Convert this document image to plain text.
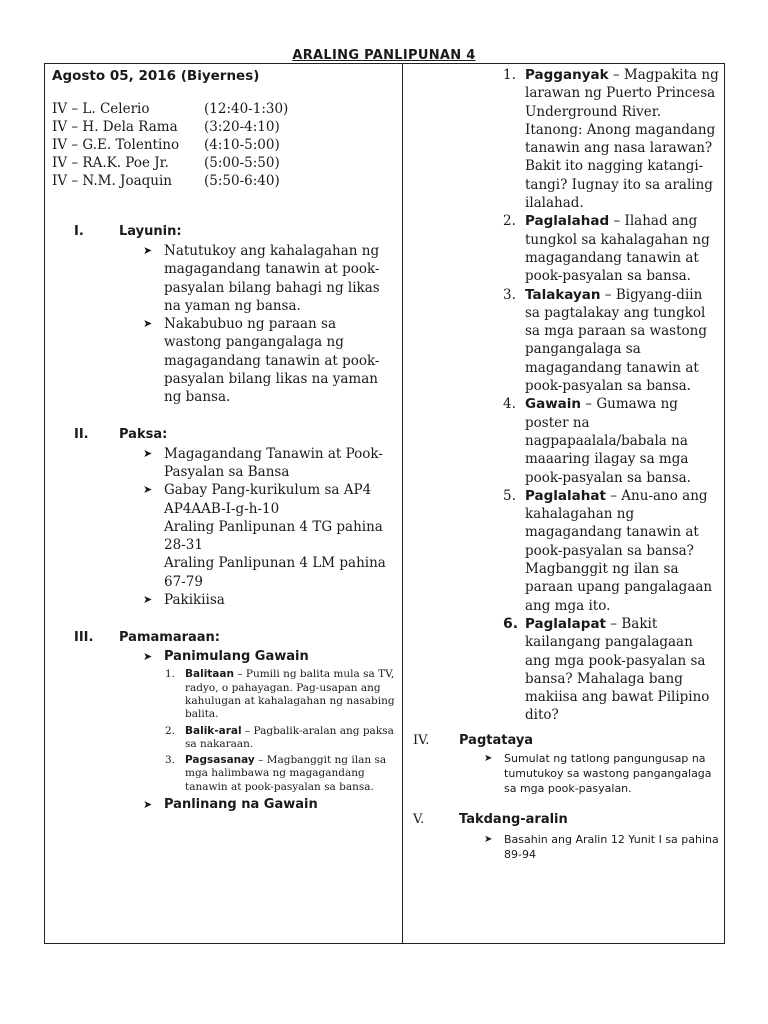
ARALING PANLIPUNAN 4
Agosto 05, 2016 (Biyernes)
IV – L. Celerio	(12:40-1:30)
IV – H. Dela Rama (3:20-4:10)
IV – G.E. Tolentino (4:10-5:00)
IV – RA.K. Poe Jr.	(5:00-5:50)
IV – N.M. Joaquin (5:50-6:40)
I.	Layunin:
➤ Natutukoy ang kahalagahan ng magagandang tanawin at pook-pasyalan bilang bahagi ng likas na yaman ng bansa.
➤ Nakabubuo ng paraan sa wastong pangangalaga ng magagandang tanawin at pook-pasyalan bilang likas na yaman ng bansa.
II. Paksa:
➤ Magagandang Tanawin at Pook-Pasyalan sa Bansa
➤ Gabay Pang-kurikulum sa AP4 AP4AAB-I-g-h-10
Araling Panlipunan 4 TG pahina 28-31
Araling Panlipunan 4 LM pahina 67-79
➤ Pakikiisa
III. Pamamaraan:
➤ Panimulang Gawain
1. Balitaan – Pumili ng balita mula sa TV, radyo, o pahayagan. Pag-usapan ang kahulugan at kahalagahan ng nasabing balita.
2. Balik-aral – Pagbalik-aralan ang paksa sa nakaraan.
3. Pagsasanay – Magbanggit ng ilan sa mga halimbawa ng magagandang tanawin at pook-pasyalan sa bansa.
➤ Panlinang na Gawain
1. Pagganyak – Magpakita ng larawan ng Puerto Princesa Underground River. Itanong: Anong magandang tanawin ang nasa larawan? Bakit ito nagging katangi-tangi? Iugnay ito sa araling ilalahad.
2. Paglalahad – Ilahad ang tungkol sa kahalagahan ng magagandang tanawin at pook-pasyalan sa bansa.
3. Talakayan – Bigyang-diin sa pagtalakay ang tungkol sa mga paraan sa wastong pangangalaga sa magagandang tanawin at pook-pasyalan sa bansa.
4. Gawain – Gumawa ng poster na nagpapaalala/babala na maaaring ilagay sa mga pook-pasyalan sa bansa.
5. Paglalahat – Anu-ano ang kahalagahan ng magagandang tanawin at pook-pasyalan sa bansa? Magbanggit ng ilan sa paraan upang pangalagaan ang mga ito.
6. Paglalapat – Bakit kailangang pangalagaan ang mga pook-pasyalan sa bansa? Mahalaga bang makiisa ang bawat Pilipino dito?
IV. Pagtataya
➤ Sumulat ng tatlong pangungusap na tumutukoy sa wastong pangangalaga sa mga pook-pasyalan.
V.	Takdang-aralin
➤ Basahin ang Aralin 12 Yunit I sa pahina 89-94
